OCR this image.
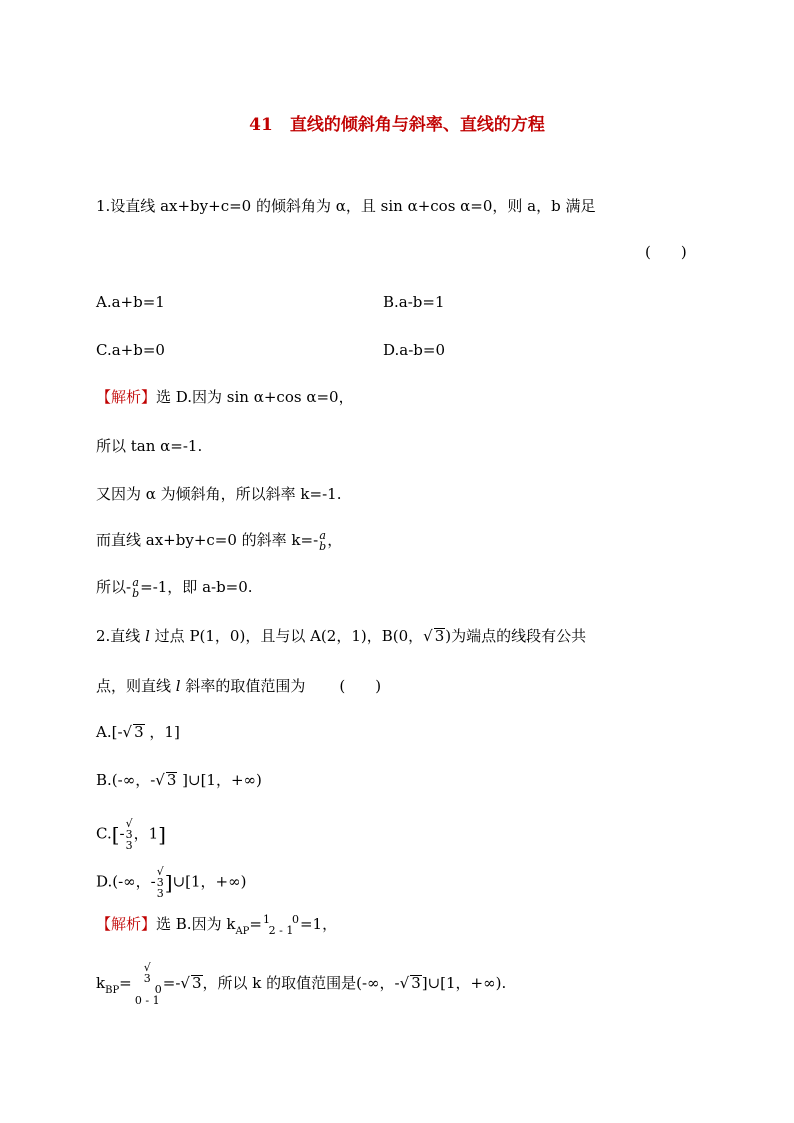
41　直线的倾斜角与斜率、直线的方程
1.设直线 ax+by+c=0 的倾斜角为 α，且 sin α+cos α=0，则 a，b 满足
(　　)
A.a+b=1	B.a-b=1
C.a+b=0	D.a-b=0
【解析】选 D.因为 sin α+cos α=0，
所以 tan α=-1.
又因为 α 为倾斜角，所以斜率 k=-1.
而直线 ax+by+c=0 的斜率 k=- a
b ，
所以- a
b =-1，即 a-b=0.
2.直线 l 过点 P(1，0)，且与以 A(2，1)，B(0，√ 3)为端点的线段有公共
点，则直线 l 斜率的取值范围为 (　　)
A.[-√ 3 ，1]
B.(-∞，-√ 3 ]∪[1，+∞)
C.[-
√
3
3
，1]
D.(-∞，-
√
3
3 ]∪[1，+∞)
【解析】选 B.因为 $k_{AP}= 1$　　0
2 - 1 =1，
$k_{BP}=$
√
3
　　0
0 - 1
=-√ 3，所以 k 的取值范围是(-∞，-√ 3]∪[1，+∞).
